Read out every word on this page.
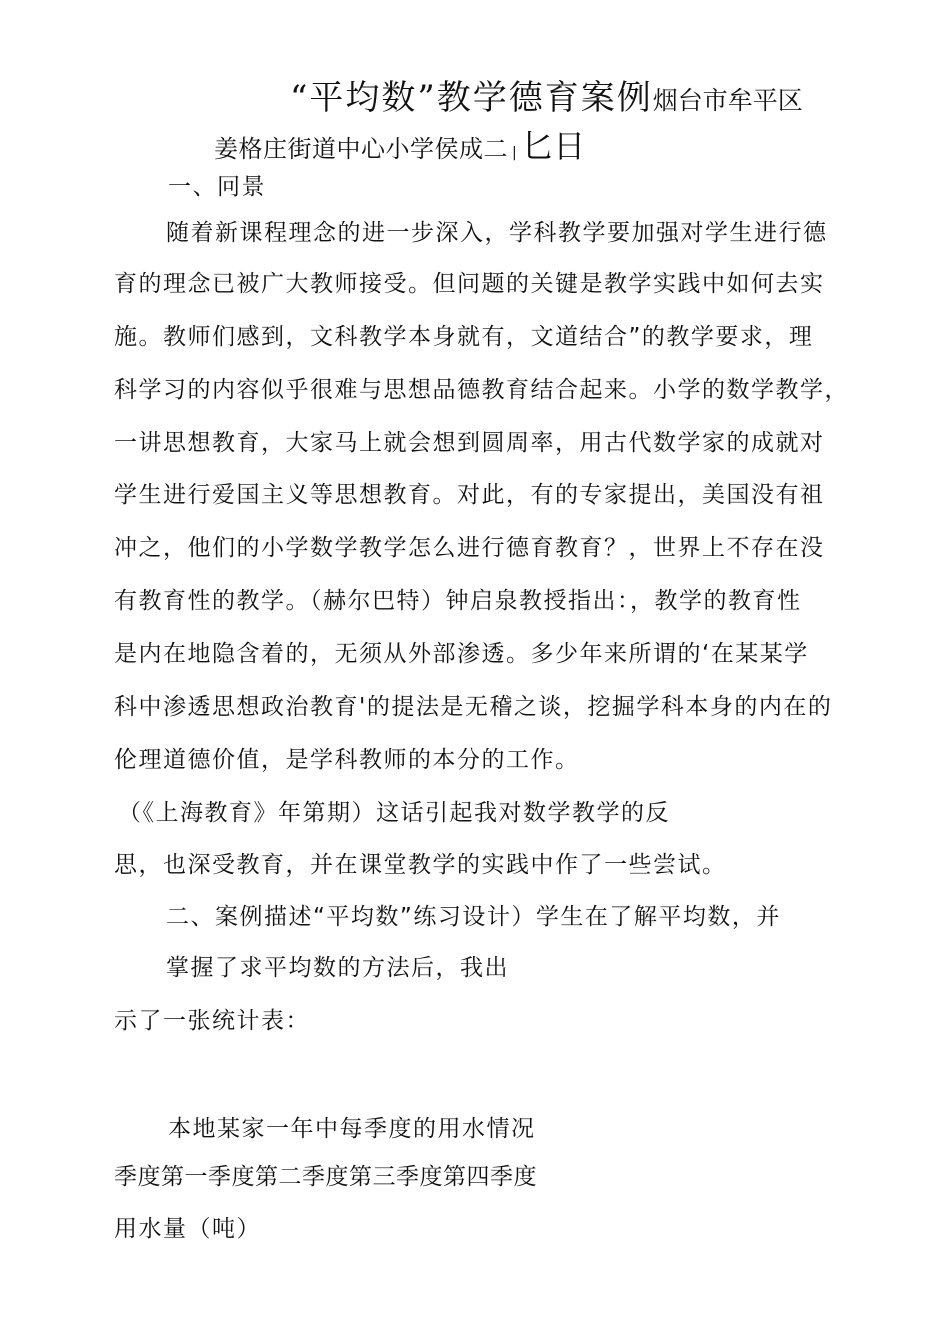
“平均数”教学德育案例烟台市牟平区
姜格庄街道中心小学侯成二 | 匕日
一、冋景
随着新课程理念的进一步深入，学科教学要加强对学生进行德
育的理念已被广大教师接受。但问题的关键是教学实践中如何去实
施。教师们感到，文科教学本身就有，文道结合”的教学要求，理
科学习的内容似乎很难与思想品德教育结合起来。小学的数学教学，
一讲思想教育，大家马上就会想到圆周率，用古代数学家的成就对
学生进行爱国主义等思想教育。对此，有的专家提出，美国没有祖
冲之，他们的小学数学教学怎么进行德育教育？，世界上不存在没
有教育性的教学。（赫尔巴特）钟启泉教授指出：，教学的教育性
是内在地隐含着的，无须从外部渗透。多少年来所谓的‘在某某学
科中渗透思想政治教育'的提法是无稽之谈，挖掘学科本身的内在的
伦理道德价值，是学科教师的本分的工作。
（《上海教育》年第期）这话引起我对数学教学的反
思，也深受教育，并在课堂教学的实践中作了一些尝试。
二、案例描述“平均数”练习设计）学生在了解平均数，并
掌握了求平均数的方法后，我出
示了一张统计表：
本地某家一年中每季度的用水情况
季度第一季度第二季度第三季度第四季度
用水量（吨）
